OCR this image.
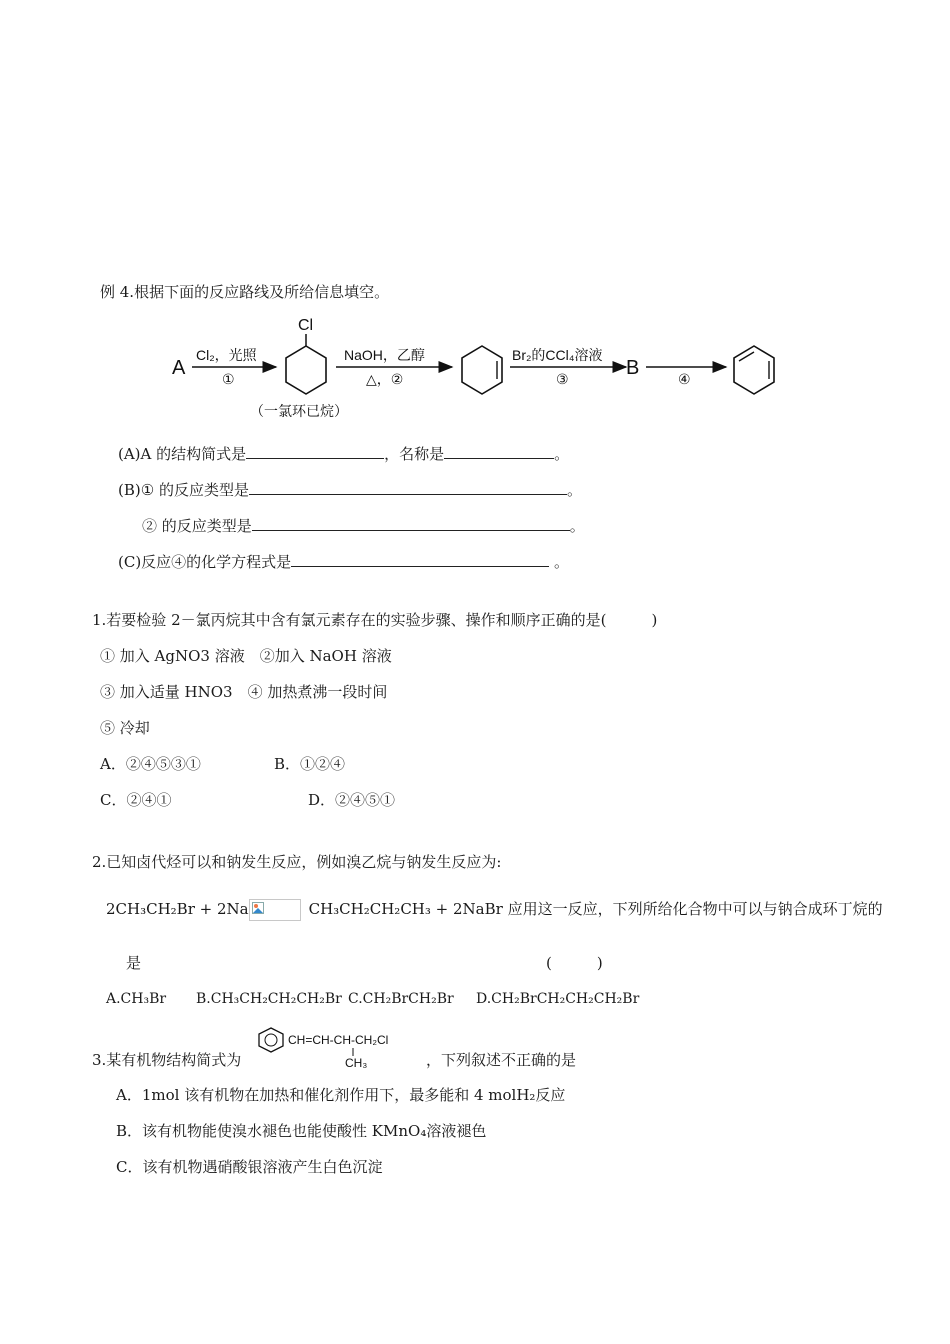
例 4.根据下面的反应路线及所给信息填空。
A
Cl₂，光照
①
Cl
（一氯环已烷）
NaOH，乙醇
△，②
Br₂的CCl₄溶液
③	B	④
(A)A 的结构简式是	，名称是	。
(B)① 的反应类型是	。
② 的反应类型是	。
(C)反应④的化学方程式是	。
1.若要检验 2－氯丙烷其中含有氯元素存在的实验步骤、操作和顺序正确的是(　　　)
① 加入 AgNO3 溶液　②加入 NaOH 溶液
③ 加入适量 HNO3　④ 加热煮沸一段时间
⑤ 冷却
A．②④⑤③①	B．①②④
C．②④①	D．②④⑤①
2.已知卤代烃可以和钠发生反应，例如溴乙烷与钠发生反应为:
2CH₃CH₂Br + 2Na	CH₃CH₂CH₂CH₃ + 2NaBr 应用这一反应，下列所给化合物中可以与钠合成环丁烷的
是	(　　　)
A.CH₃Br B.CH₃CH₂CH₂CH₂Br C.CH₂BrCH₂Br D.CH₂BrCH₂CH₂CH₂Br
3.某有机物结构简式为
CH=CH-CH-CH₂Cl
CH₃	，下列叙述不正确的是
A．1mol 该有机物在加热和催化剂作用下，最多能和 4 molH₂反应
B．该有机物能使溴水褪色也能使酸性 KMnO₄溶液褪色
C．该有机物遇硝酸银溶液产生白色沉淀
